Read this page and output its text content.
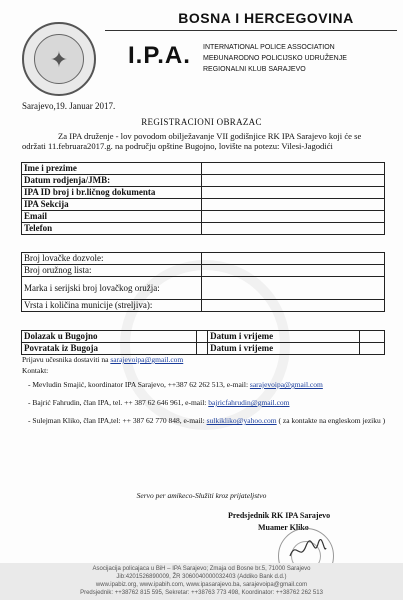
✦
BOSNA I HERCEGOVINA
I.P.A. INTERNATIONAL POLICE ASSOCIATION
MEĐUNARODNO POLICIJSKO UDRUŽENJE
REGIONALNI KLUB SARAJEVO
Sarajevo,19. Januar 2017.
REGISTRACIONI OBRAZAC
Za IPA druženje - lov povodom obilježavanje VII godišnjice RK IPA Sarajevo koji će se održati 11.februara2017.g. na području opštine Bugojno, lovište na potezu: Vilesi-Jagodići
Ime i prezime	
Datum rodjenja/JMB:	
IPA ID broj i br.ličnog dokumenta	
IPA Sekcija	
Email	
Telefon	
Broj lovačke dozvole:	
Broj oružnog lista:	
Marka i serijski broj lovačkog oružja:	
Vrsta i količina municije (streljiva):	
Dolazak u Bugojno		Datum i vrijeme	
Povratak iz Bugoja		Datum i vrijeme	
Prijavu učesnika dostaviti na sarajevoipa@gmail.com
Kontakt:
- Mevludin Smajić, koordinator IPA Sarajevo, ++387 62 262 513, e-mail: sarajevoipa@gmail.com
- Bajrić Fahrudin, član IPA, tel. ++ 387 62 646 961, e-mail: bajricfahrudin@gmail.com
- Sulejman Kliko, član IPA,tel: ++ 387 62 770 848, e-mail: sulkikliko@yahoo.com ( za kontakte na engleskom jeziku )
Servo per amikeco-Služiti kroz prijateljstvo
Predsjednik RK IPA Sarajevo
Muamer Kliko
Asocijacija policajaca u BiH – IPA Sarajevo; Zmaja od Bosne br.5, 71000 Sarajevo
Jib:4201526890009, ŽR 3060040000032403 (Addiko Bank d.d.)
www.ipabiz.org, www.ipabih.com, www.ipasarajevo.ba, sarajevoipa@gmail.com
Predsjednik: ++38762 815 595, Sekretar: ++38763 773 498, Koordinator: ++38762 262 513
